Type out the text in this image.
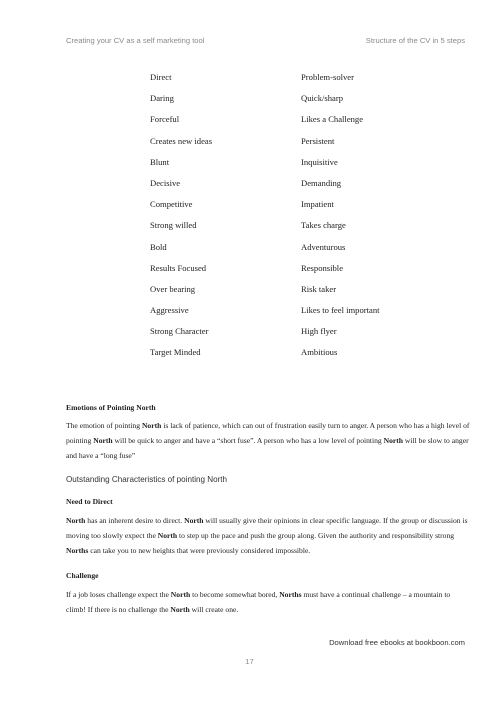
Creating your CV as a self marketing tool	Structure of the CV in 5 steps
Direct	Problem-solver
Daring	Quick/sharp
Forceful	Likes a Challenge
Creates new ideas	Persistent
Blunt	Inquisitive
Decisive	Demanding
Competitive	Impatient
Strong willed	Takes charge
Bold	Adventurous
Results Focused	Responsible
Over bearing	Risk taker
Aggressive	Likes to feel important
Strong Character	High flyer
Target Minded	Ambitious
Emotions of Pointing North
The emotion of pointing North is lack of patience, which can out of frustration easily turn to anger. A person who has a high level of pointing North will be quick to anger and have a “short fuse”. A person who has a low level of pointing North will be slow to anger and have a “long fuse”
Outstanding Characteristics of pointing North
Need to Direct
North has an inherent desire to direct. North will usually give their opinions in clear specific language. If the group or discussion is moving too slowly expect the North to step up the pace and push the group along. Given the authority and responsibility strong Norths can take you to new heights that were previously considered impossible.
Challenge
If a job loses challenge expect the North to become somewhat bored, Norths must have a continual challenge – a mountain to climb! If there is no challenge the North will create one.
Download free ebooks at bookboon.com
17
